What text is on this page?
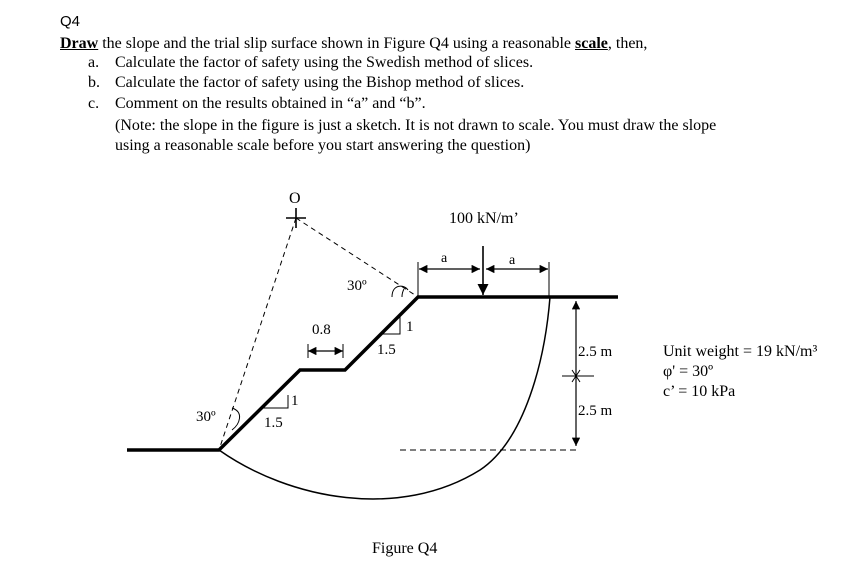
Q4
Draw the slope and the trial slip surface shown in Figure Q4 using a reasonable scale, then,
a. Calculate the factor of safety using the Swedish method of slices.
b. Calculate the factor of safety using the Bishop method of slices.
c. Comment on the results obtained in “a” and “b”.
(Note: the slope in the figure is just a sketch. It is not drawn to scale. You must draw the slope
using a reasonable scale before you start answering the question)
O
100 kN/m’
a	a
30º
30º
0.8
1.5
1
1.5
1
2.5 m
2.5 m
Figure Q4
Unit weight = 19 kN/m³
φ' = 30º
c’ = 10 kPa
